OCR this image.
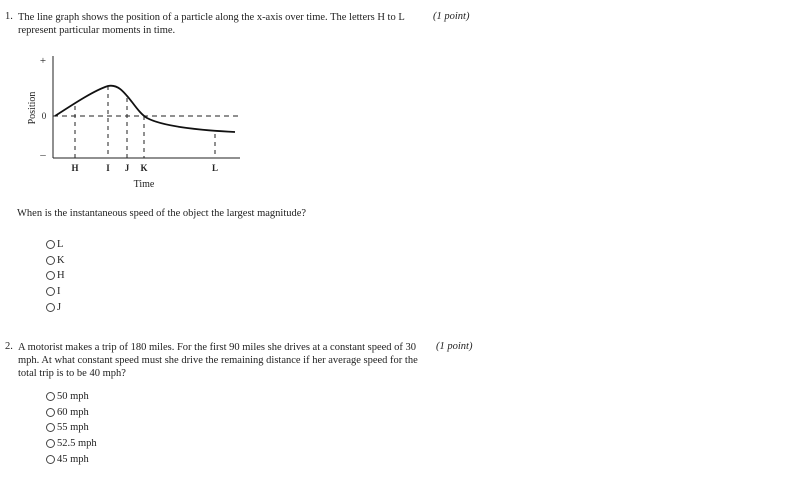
1. The line graph shows the position of a particle along the x-axis over time. The letters H to L represent particular moments in time.
(1 point)
+
0
–
Position
H	I J K	L
Time
When is the instantaneous speed of the object the largest magnitude?
L
K
H
I
J
2. A motorist makes a trip of 180 miles. For the first 90 miles she drives at a constant speed of 30 mph. At what constant speed must she drive the remaining distance if her average speed for the total trip is to be 40 mph?
(1 point)
50 mph
60 mph
55 mph
52.5 mph
45 mph
